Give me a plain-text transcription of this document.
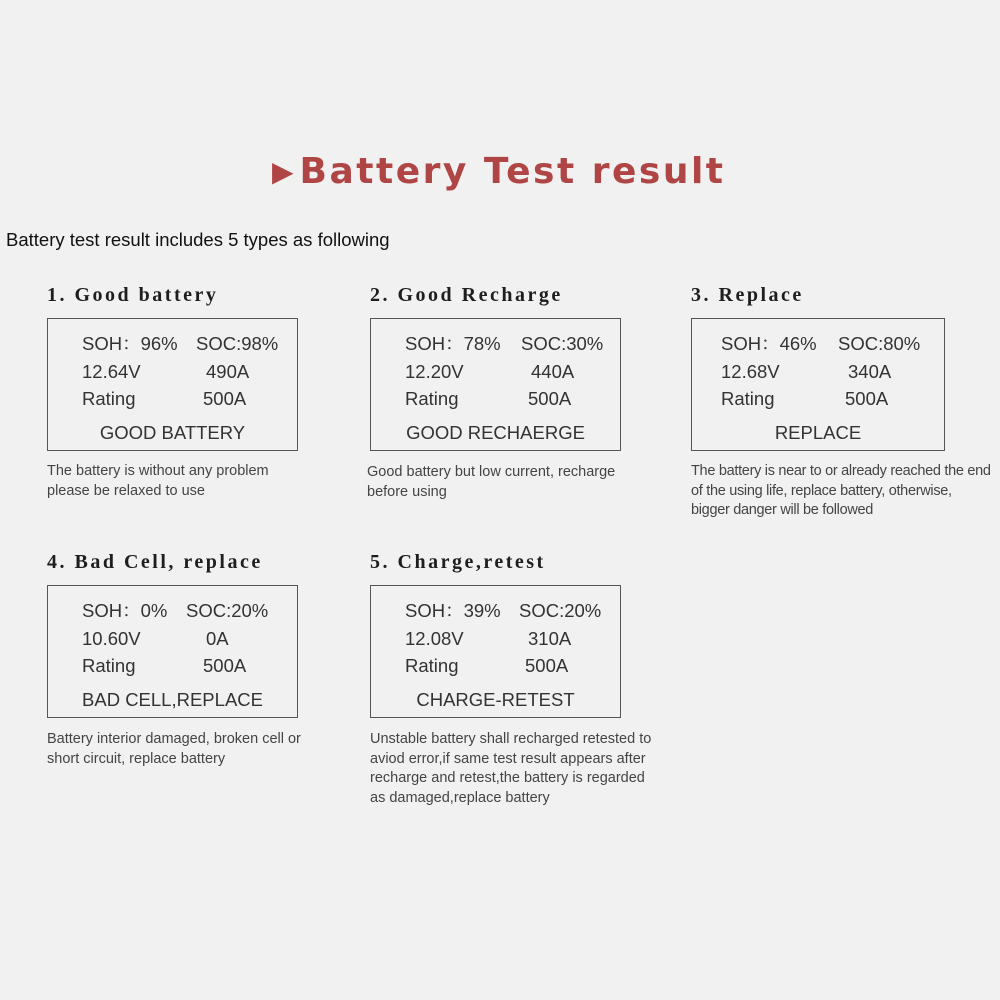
▶ Battery Test result
Battery test result includes 5 types as following
1. Good battery
SOH：96% SOC:98%
12.64V	490A
Rating	500A
GOOD BATTERY
The battery is without any problem please be relaxed to use
2. Good Recharge
SOH：78% SOC:30%
12.20V	440A
Rating	500A
GOOD RECHAERGE
Good battery but low current, recharge before using
3. Replace
SOH：46% SOC:80%
12.68V	340A
Rating	500A
REPLACE
The battery is near to or already reached the end of the using life, replace battery, otherwise, bigger danger will be followed
4. Bad Cell, replace
SOH：0% SOC:20%
10.60V	0A
Rating	500A
BAD CELL,REPLACE
Battery interior damaged, broken cell or short circuit, replace battery
5. Charge,retest
SOH：39% SOC:20%
12.08V	310A
Rating	500A
CHARGE-RETEST
Unstable battery shall recharged retested to aviod error,if same test result appears after recharge and retest,the battery is regarded as damaged,replace battery
